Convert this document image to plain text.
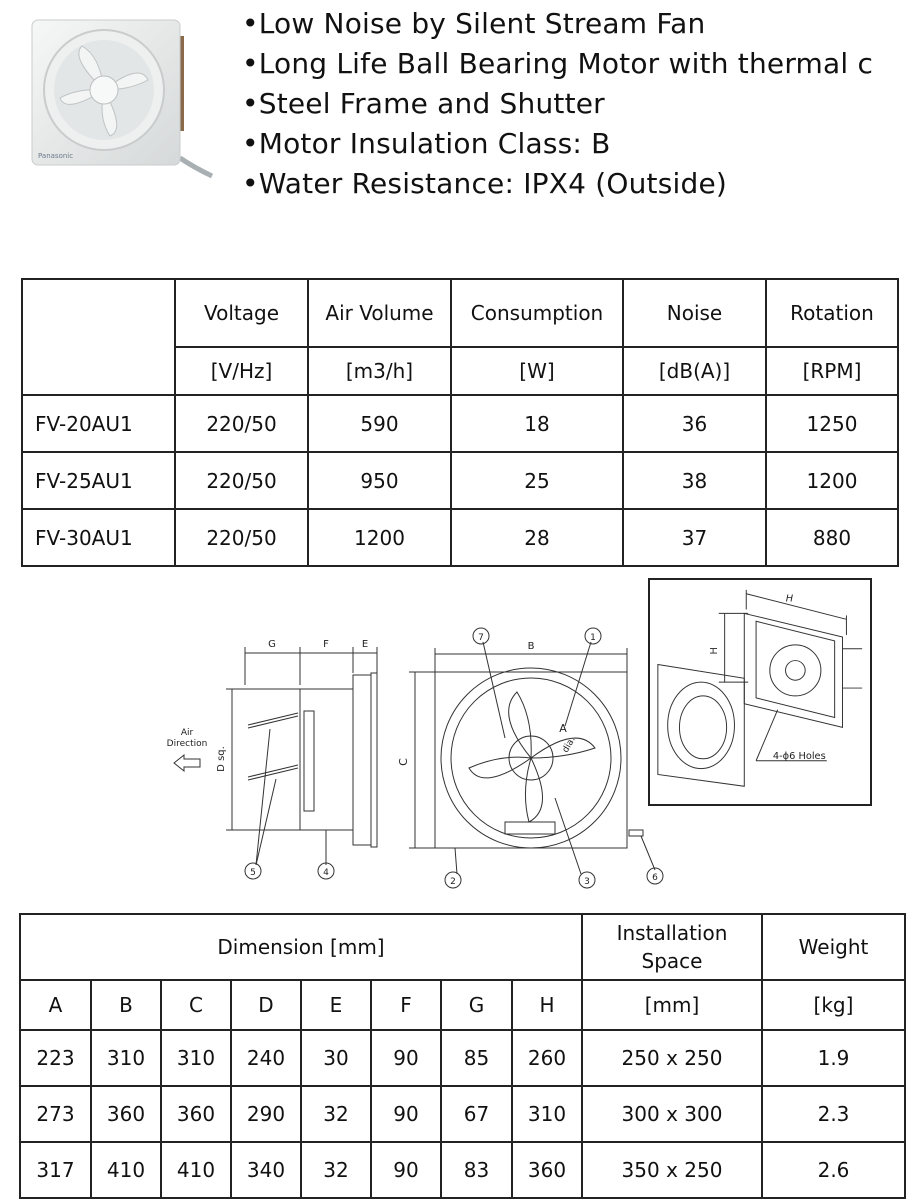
Panasonic
•Low Noise by Silent Stream Fan
•Long Life Ball Bearing Motor with thermal c
•Steel Frame and Shutter
•Motor Insulation Class: B
•Water Resistance: IPX4 (Outside)
	Voltage	Air Volume	Consumption	Noise	Rotation
	[V/Hz]	[m3/h]	[W]	[dB(A)]	[RPM]
FV-20AU1	220/50	590	18	36	1250
FV-25AU1	220/50	950	25	38	1200
FV-30AU1	220/50	1200	28	37	880
G	F	E
Air
Direction
D sq.
5	4
B
C
A
dia.
7	1
3
2	6
H
H
4-ϕ6 Holes
Dimension [mm]								Installation
Space	Weight
A	B	C	D	E	F	G	H	[mm]	[kg]
223	310	310	240	30	90	85	260	250 x 250	1.9
273	360	360	290	32	90	67	310	300 x 300	2.3
317	410	410	340	32	90	83	360	350 x 250	2.6
